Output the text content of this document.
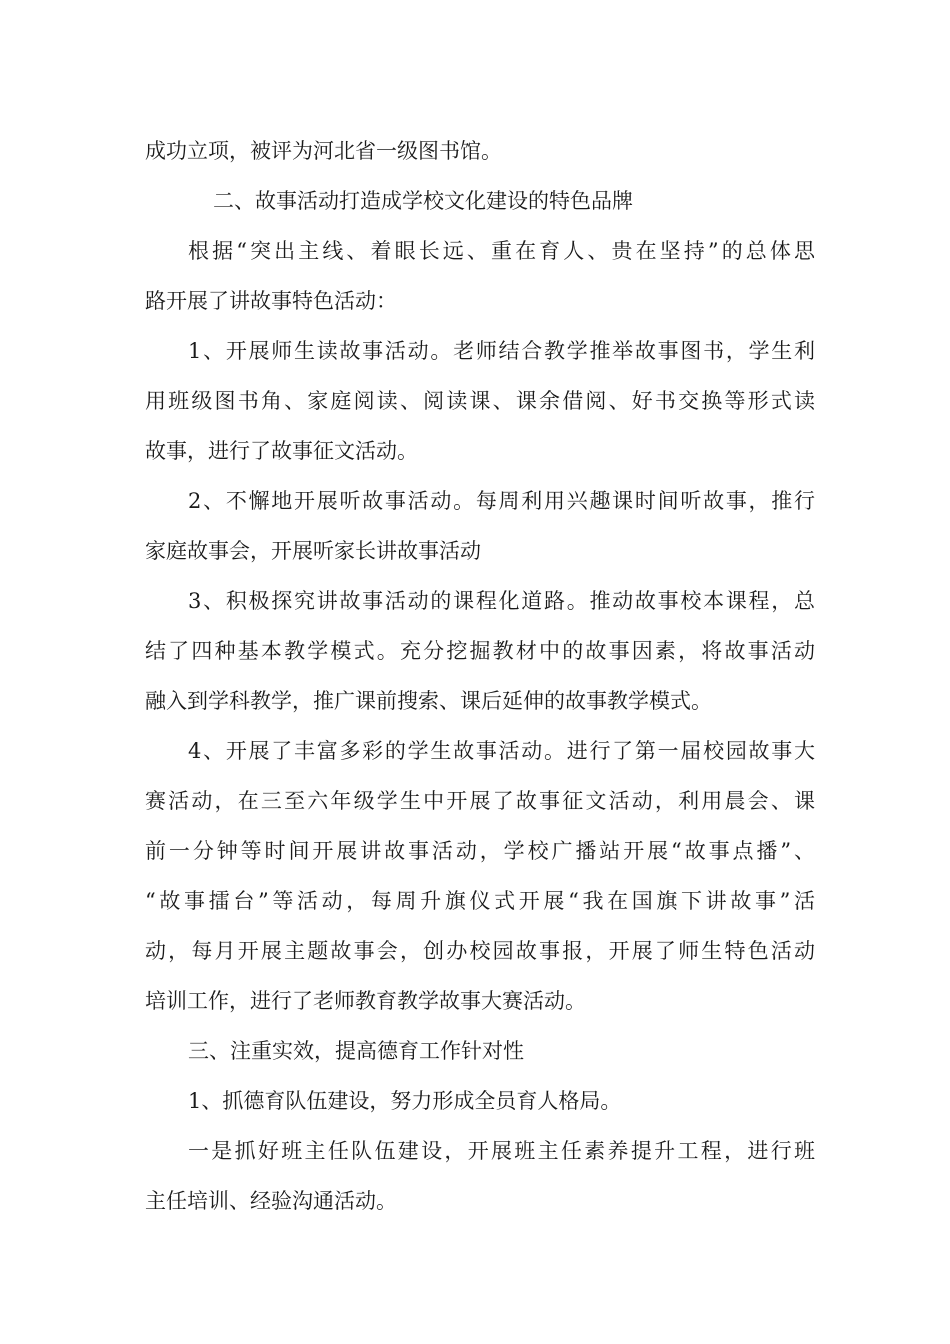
成功立项，被评为河北省一级图书馆。
二、故事活动打造成学校文化建设的特色品牌
根据“突出主线、着眼长远、重在育人、贵在坚持”的总体思
路开展了讲故事特色活动：
1、开展师生读故事活动。老师结合教学推举故事图书，学生利
用班级图书角、家庭阅读、阅读课、课余借阅、好书交换等形式读
故事，进行了故事征文活动。
2、不懈地开展听故事活动。每周利用兴趣课时间听故事，推行
家庭故事会，开展听家长讲故事活动
3、积极探究讲故事活动的课程化道路。推动故事校本课程，总
结了四种基本教学模式。充分挖掘教材中的故事因素，将故事活动
融入到学科教学，推广课前搜索、课后延伸的故事教学模式。
4、开展了丰富多彩的学生故事活动。进行了第一届校园故事大
赛活动，在三至六年级学生中开展了故事征文活动，利用晨会、课
前一分钟等时间开展讲故事活动，学校广播站开展“故事点播”、
“故事擂台”等活动，每周升旗仪式开展“我在国旗下讲故事”活
动，每月开展主题故事会，创办校园故事报，开展了师生特色活动
培训工作，进行了老师教育教学故事大赛活动。
三、注重实效，提高德育工作针对性
1、抓德育队伍建设，努力形成全员育人格局。
一是抓好班主任队伍建设，开展班主任素养提升工程，进行班
主任培训、经验沟通活动。
